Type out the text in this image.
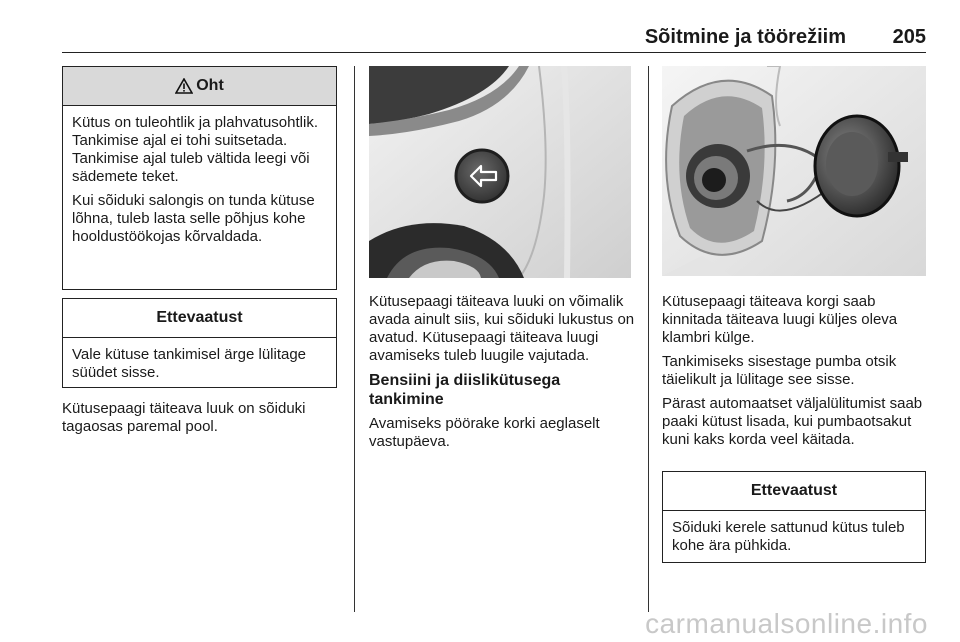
Sõitmine ja töörežiim 205
Oht

Kütus on tuleohtlik ja plahvatusohtlik. Tankimise ajal ei tohi suitsetada. Tankimise ajal tuleb vältida leegi või sädemete teket.

Kui sõiduki salongis on tunda kütuse lõhna, tuleb lasta selle põhjus kohe hooldustöökojas kõrvaldada.

Ettevaatust

Vale kütuse tankimisel ärge lülitage süüdet sisse.

Kütusepaagi täiteava luuk on sõiduki tagaosas paremal pool.

Kütusepaagi täiteava luuki on võimalik avada ainult siis, kui sõiduki lukustus on avatud. Kütusepaagi täiteava luugi avamiseks tuleb luugile vajutada.

Bensiini ja diislikütusega tankimine

Avamiseks pöörake korki aeglaselt vastupäeva.

Kütusepaagi täiteava korgi saab kinnitada täiteava luugi küljes oleva klambri külge.

Tankimiseks sisestage pumba otsik täielikult ja lülitage see sisse.

Pärast automaatset väljalülitumist saab paaki kütust lisada, kui pumbaotsakut kuni kaks korda veel käitada.

Ettevaatust

Sõiduki kerele sattunud kütus tuleb kohe ära pühkida.

carmanualsonline.info
